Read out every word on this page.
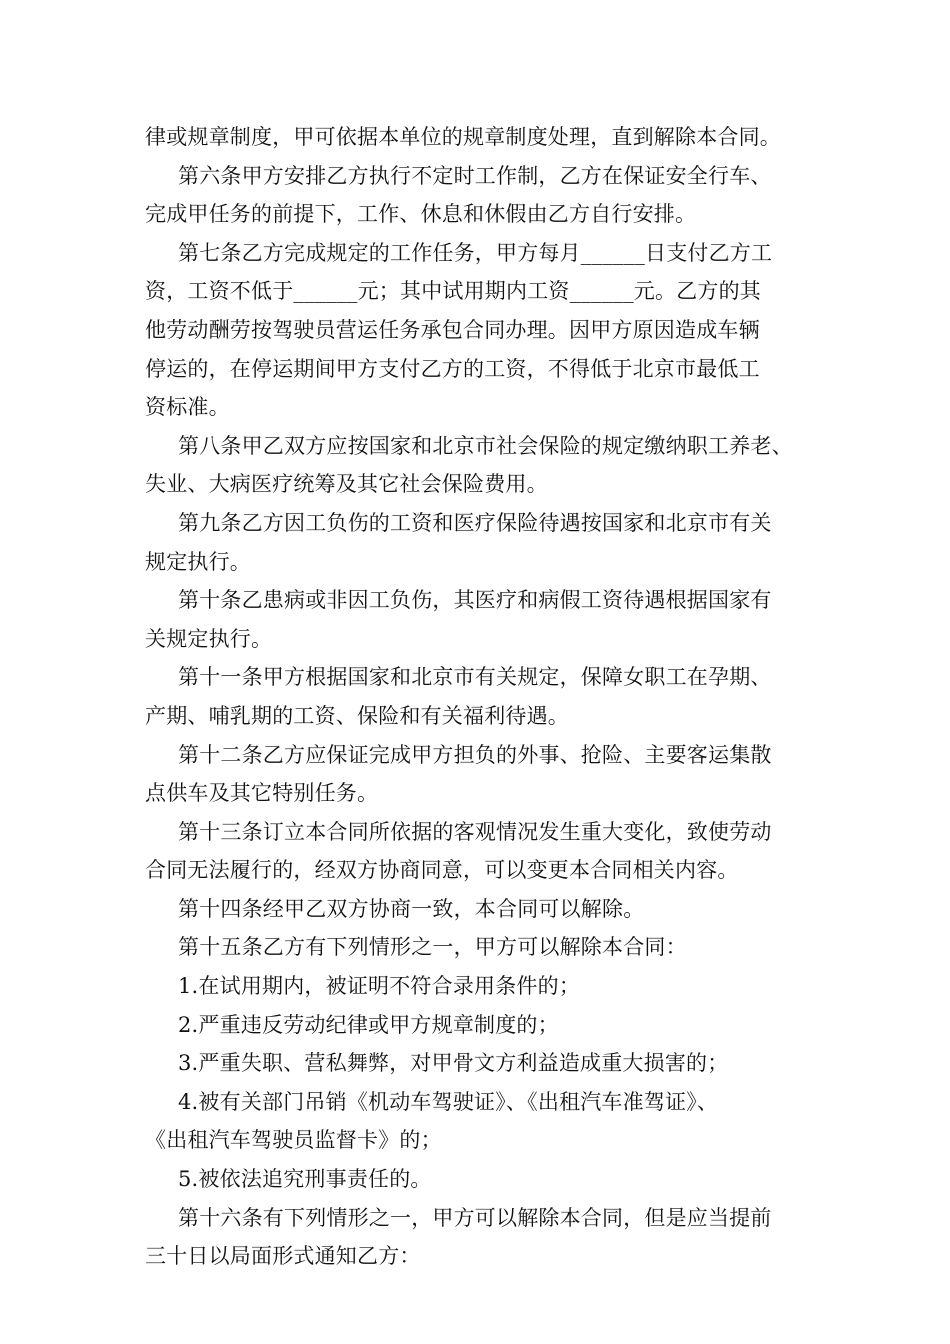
律或规章制度，甲可依据本单位的规章制度处理，直到解除本合同。

第六条甲方安排乙方执行不定时工作制，乙方在保证安全行车、

完成甲任务的前提下，工作、休息和休假由乙方自行安排。

第七条乙方完成规定的工作任务，甲方每月______日支付乙方工

资，工资不低于______元；其中试用期内工资______元。乙方的其

他劳动酬劳按驾驶员营运任务承包合同办理。因甲方原因造成车辆

停运的，在停运期间甲方支付乙方的工资，不得低于北京市最低工

资标准。

第八条甲乙双方应按国家和北京市社会保险的规定缴纳职工养老、

失业、大病医疗统筹及其它社会保险费用。

第九条乙方因工负伤的工资和医疗保险待遇按国家和北京市有关

规定执行。

第十条乙患病或非因工负伤，其医疗和病假工资待遇根据国家有

关规定执行。

第十一条甲方根据国家和北京市有关规定，保障女职工在孕期、

产期、哺乳期的工资、保险和有关福利待遇。

第十二条乙方应保证完成甲方担负的外事、抢险、主要客运集散

点供车及其它特别任务。

第十三条订立本合同所依据的客观情况发生重大变化，致使劳动

合同无法履行的，经双方协商同意，可以变更本合同相关内容。

第十四条经甲乙双方协商一致，本合同可以解除。

第十五条乙方有下列情形之一，甲方可以解除本合同：

1.在试用期内，被证明不符合录用条件的；

2.严重违反劳动纪律或甲方规章制度的；

3.严重失职、营私舞弊，对甲骨文方利益造成重大损害的；

4.被有关部门吊销《机动车驾驶证》、《出租汽车准驾证》、

《出租汽车驾驶员监督卡》的；

5.被依法追究刑事责任的。

第十六条有下列情形之一，甲方可以解除本合同，但是应当提前

三十日以局面形式通知乙方：
